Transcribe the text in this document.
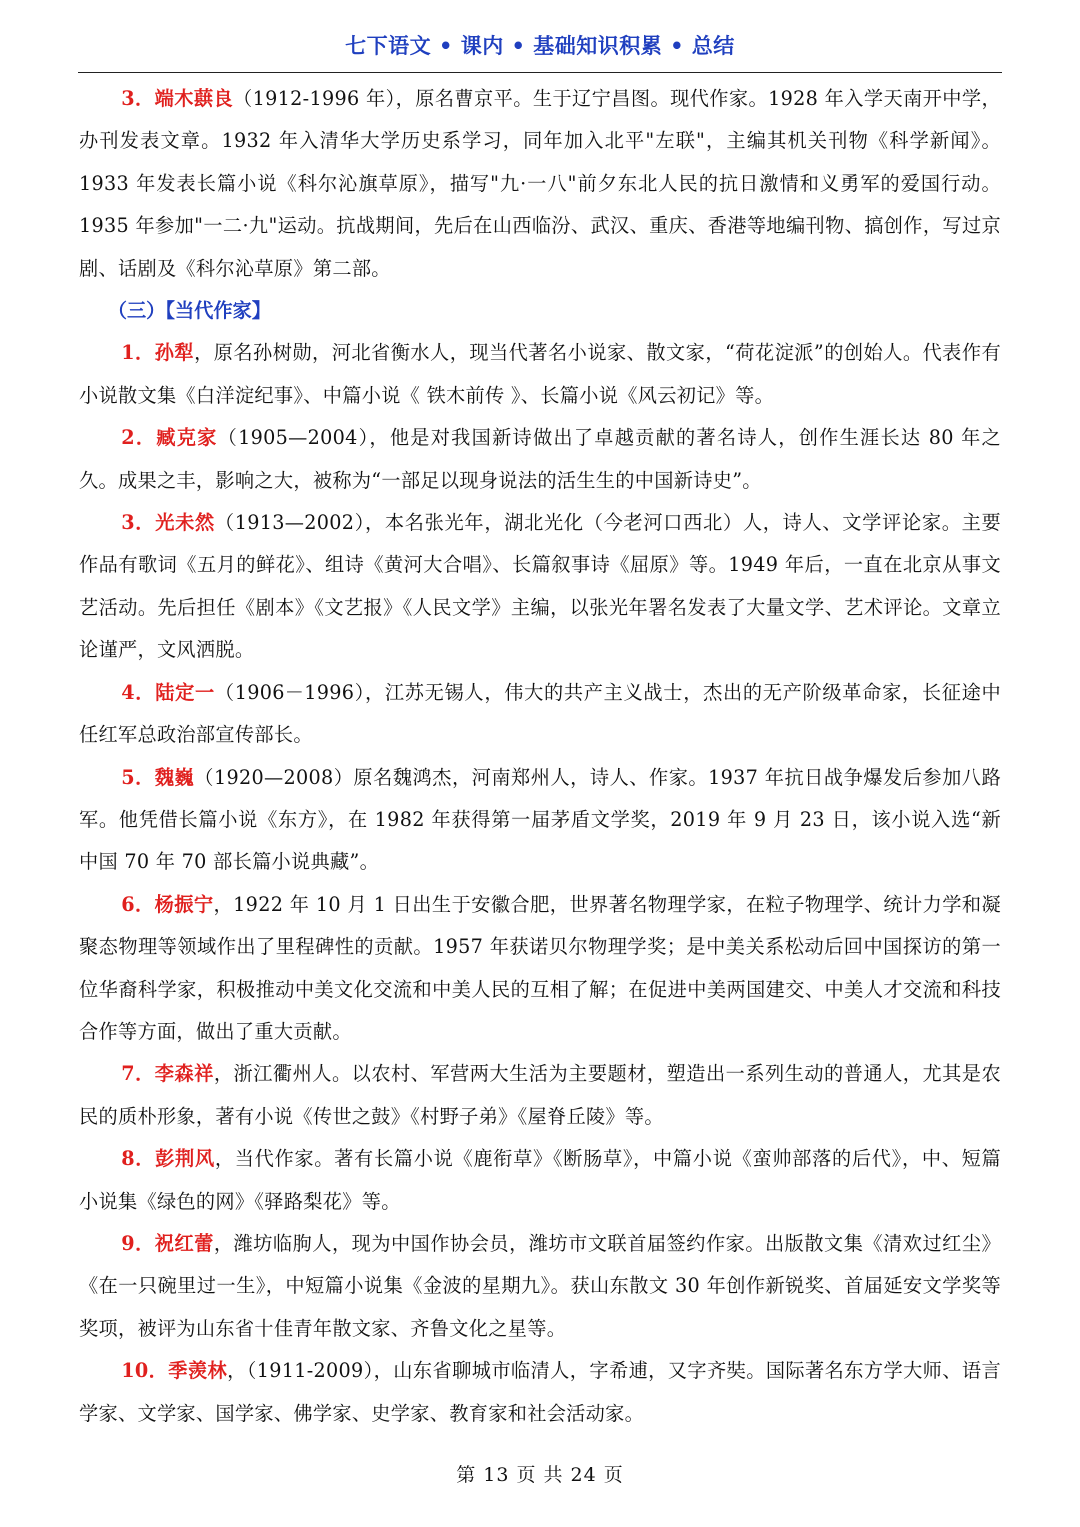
七下语文 • 课内 • 基础知识积累 • 总结

3．端木蕻良（1912-1996 年），原名曹京平。生于辽宁昌图。现代作家。1928 年入学天南开中学，办刊发表文章。1932 年入清华大学历史系学习，同年加入北平"左联"，主编其机关刊物《科学新闻》。1933 年发表长篇小说《科尔沁旗草原》，描写"九·一八"前夕东北人民的抗日激情和义勇军的爱国行动。1935 年参加"一二·九"运动。抗战期间，先后在山西临汾、武汉、重庆、香港等地编刊物、搞创作，写过京剧、话剧及《科尔沁草原》第二部。

（三）【当代作家】

1．孙犁，原名孙树勋，河北省衡水人，现当代著名小说家、散文家，“荷花淀派”的创始人。代表作有小说散文集《白洋淀纪事》、中篇小说《 铁木前传 》、长篇小说《风云初记》等。

2．臧克家（1905—2004），他是对我国新诗做出了卓越贡献的著名诗人，创作生涯长达 80 年之久。成果之丰，影响之大，被称为“一部足以现身说法的活生生的中国新诗史”。

3．光未然（1913—2002），本名张光年，湖北光化（今老河口西北）人，诗人、文学评论家。主要作品有歌词《五月的鲜花》、组诗《黄河大合唱》、长篇叙事诗《屈原》等。1949 年后，一直在北京从事文艺活动。先后担任《剧本》《文艺报》《人民文学》主编，以张光年署名发表了大量文学、艺术评论。文章立论谨严，文风洒脱。

4．陆定一（1906－1996），江苏无锡人，伟大的共产主义战士，杰出的无产阶级革命家，长征途中任红军总政治部宣传部长。

5．魏巍（1920—2008）原名魏鸿杰，河南郑州人，诗人、作家。1937 年抗日战争爆发后参加八路军。他凭借长篇小说《东方》，在 1982 年获得第一届茅盾文学奖，2019 年 9 月 23 日，该小说入选“新中国 70 年 70 部长篇小说典藏”。

6．杨振宁，1922 年 10 月 1 日出生于安徽合肥，世界著名物理学家，在粒子物理学、统计力学和凝聚态物理等领域作出了里程碑性的贡献。1957 年获诺贝尔物理学奖；是中美关系松动后回中国探访的第一位华裔科学家，积极推动中美文化交流和中美人民的互相了解；在促进中美两国建交、中美人才交流和科技合作等方面，做出了重大贡献。

7．李森祥，浙江衢州人。以农村、军营两大生活为主要题材，塑造出一系列生动的普通人，尤其是农民的质朴形象，著有小说《传世之鼓》《村野子弟》《屋脊丘陵》等。

8．彭荆风，当代作家。著有长篇小说《鹿衔草》《断肠草》，中篇小说《蛮帅部落的后代》，中、短篇小说集《绿色的网》《驿路梨花》等。

9．祝红蕾，潍坊临朐人，现为中国作协会员，潍坊市文联首届签约作家。出版散文集《清欢过红尘》《在一只碗里过一生》，中短篇小说集《金波的星期九》。获山东散文 30 年创作新锐奖、首届延安文学奖等奖项，被评为山东省十佳青年散文家、齐鲁文化之星等。

10．季羡林，（1911-2009），山东省聊城市临清人，字希逋，又字齐奘。国际著名东方学大师、语言学家、文学家、国学家、佛学家、史学家、教育家和社会活动家。

第 13 页 共 24 页
